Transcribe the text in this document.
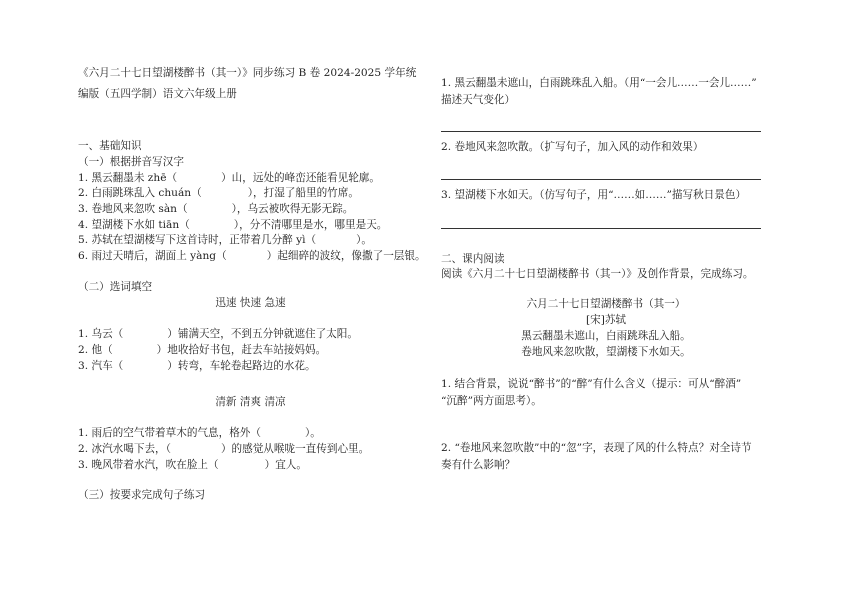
《六月二十七日望湖楼醉书（其一）》同步练习 B 卷 2024-2025 学年统
编版（五四学制）语文六年级上册
一、基础知识
（一）根据拼音写汉字
1. 黑云翻墨未 zhē（	）山，远处的峰峦还能看见轮廓。
2. 白雨跳珠乱入 chuán（	），打湿了船里的竹席。
3. 卷地风来忽吹 sàn（	），乌云被吹得无影无踪。
4. 望湖楼下水如 tiān（	），分不清哪里是水，哪里是天。
5. 苏轼在望湖楼写下这首诗时，正带着几分醉 yì（	）。
6. 雨过天晴后，湖面上 yàng（	）起细碎的波纹，像撒了一层银。
（二）选词填空
迅速 快速 急速
1. 乌云（	）铺满天空，不到五分钟就遮住了太阳。
2. 他（	）地收拾好书包，赶去车站接妈妈。
3. 汽车（	）转弯，车轮卷起路边的水花。
清新 清爽 清凉
1. 雨后的空气带着草木的气息，格外（	）。
2. 冰汽水喝下去，（	）的感觉从喉咙一直传到心里。
3. 晚风带着水汽，吹在脸上（	）宜人。
（三）按要求完成句子练习
1. 黑云翻墨未遮山，白雨跳珠乱入船。（用“一会儿……一会儿……”
描述天气变化）
2. 卷地风来忽吹散。（扩写句子，加入风的动作和效果）
3. 望湖楼下水如天。（仿写句子，用“……如……”描写秋日景色）
二、课内阅读
阅读《六月二十七日望湖楼醉书（其一）》及创作背景，完成练习。
六月二十七日望湖楼醉书（其一）
[宋]苏轼
黑云翻墨未遮山，白雨跳珠乱入船。
卷地风来忽吹散，望湖楼下水如天。
1. 结合背景，说说“醉书”的“醉”有什么含义（提示：可从“醉酒”
“沉醉”两方面思考）。
2. “卷地风来忽吹散”中的“忽”字，表现了风的什么特点？对全诗节
奏有什么影响？
